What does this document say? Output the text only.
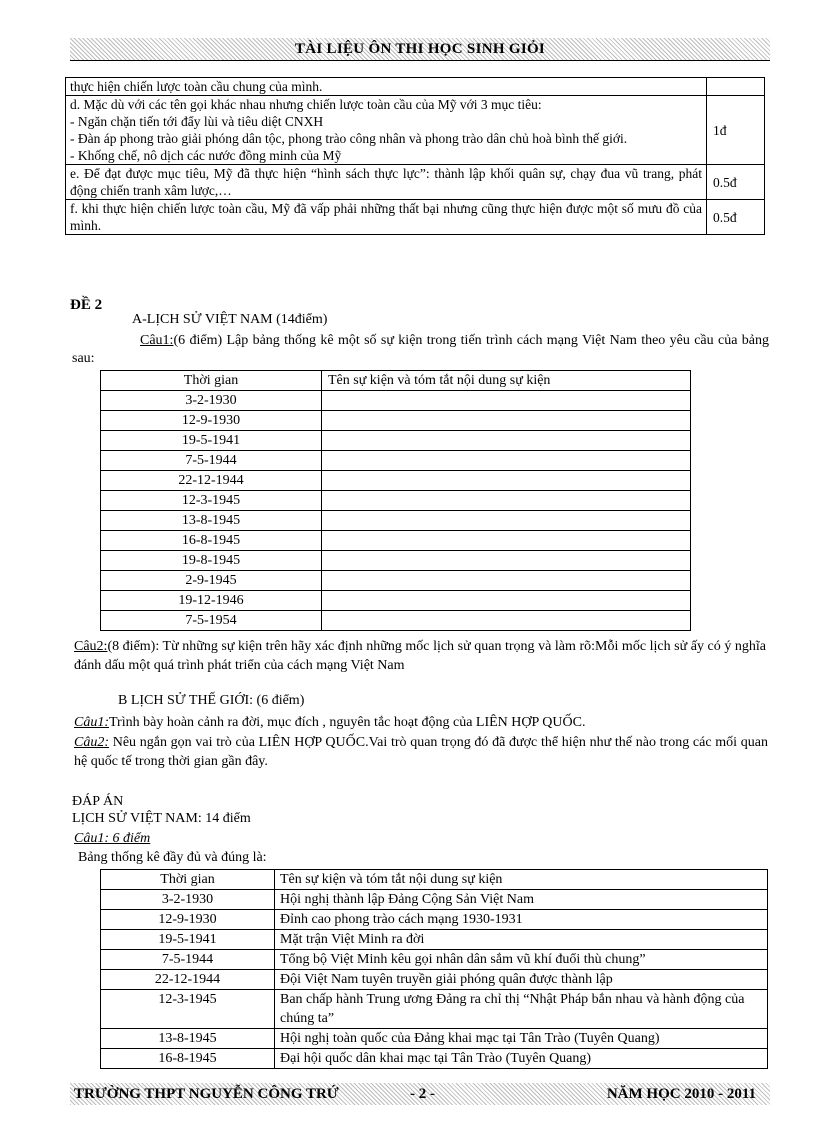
TÀI LIỆU ÔN THI HỌC SINH GIỎI
thực hiện chiến lược toàn cầu chung của mình.	

d. Mặc dù với các tên gọi khác nhau nhưng chiến lược toàn cầu của Mỹ với 3 mục tiêu:
- Ngăn chặn tiến tới đẩy lùi và tiêu diệt CNXH
- Đàn áp phong trào giải phóng dân tộc, phong trào công nhân và phong trào dân chủ hoà bình thế giới.
- Khống chế, nô dịch các nước đồng minh của Mỹ	1đ
e. Để đạt được mục tiêu, Mỹ đã thực hiện “hình sách thực lực”: thành lập khối quân sự, chạy đua vũ trang, phát động chiến tranh xâm lược,…	0.5đ
f. khi thực hiện chiến lược toàn cầu, Mỹ đã vấp phải những thất bại nhưng cũng thực hiện được một số mưu đồ của mình.	0.5đ
ĐỀ 2
A-LỊCH SỬ VIỆT NAM (14điểm)
Câu1:(6 điểm) Lập bảng thống kê một số sự kiện trong tiến trình cách mạng Việt Nam theo yêu cầu của bảng sau:
Thời gian	Tên sự kiện và tóm tắt nội dung sự kiện
3-2-1930	
12-9-1930	
19-5-1941	
7-5-1944	
22-12-1944	
12-3-1945	
13-8-1945	
16-8-1945	
19-8-1945	
2-9-1945	
19-12-1946	
7-5-1954	
Câu2:(8 điểm): Từ những sự kiện trên hãy xác định những mốc lịch sử quan trọng và làm rõ:Mỗi mốc lịch sử ấy có ý nghĩa đánh dấu một quá trình phát triển của cách mạng Việt Nam
B LỊCH SỬ THẾ GIỚI: (6 điểm)
Câu1:Trình bày hoàn cảnh ra đời, mục đích , nguyên tắc hoạt động của LIÊN HỢP QUỐC.
Câu2: Nêu ngắn gọn vai trò của LIÊN HỢP QUỐC.Vai trò quan trọng đó đã được thể hiện như thế nào trong các mối quan hệ quốc tế trong thời gian gần đây.
ĐÁP ÁN
LỊCH SỬ VIỆT NAM: 14 điểm
Câu1: 6 điểm
Bảng thống kê đầy đủ và đúng là:
Thời gian	Tên sự kiện và tóm tắt nội dung sự kiện
3-2-1930	Hội nghị thành lập Đảng Cộng Sản Việt Nam
12-9-1930	Đỉnh cao phong trào cách mạng 1930-1931
19-5-1941	Mặt trận Việt Minh ra đời
7-5-1944	Tổng bộ Việt Minh kêu gọi nhân dân sắm vũ khí đuổi thù chung”
22-12-1944	Đội Việt Nam tuyên truyền giải phóng quân được thành lập
12-3-1945	Ban chấp hành Trung ương Đảng ra chỉ thị “Nhật Pháp bắn nhau và hành động của chúng ta”
13-8-1945	Hội nghị toàn quốc của Đảng khai mạc tại Tân Trào (Tuyên Quang)
16-8-1945	Đại hội quốc dân khai mạc tại Tân Trào (Tuyên Quang)
TRƯỜNG THPT NGUYỄN CÔNG TRỨ	- 2 -	NĂM HỌC 2010 - 2011
